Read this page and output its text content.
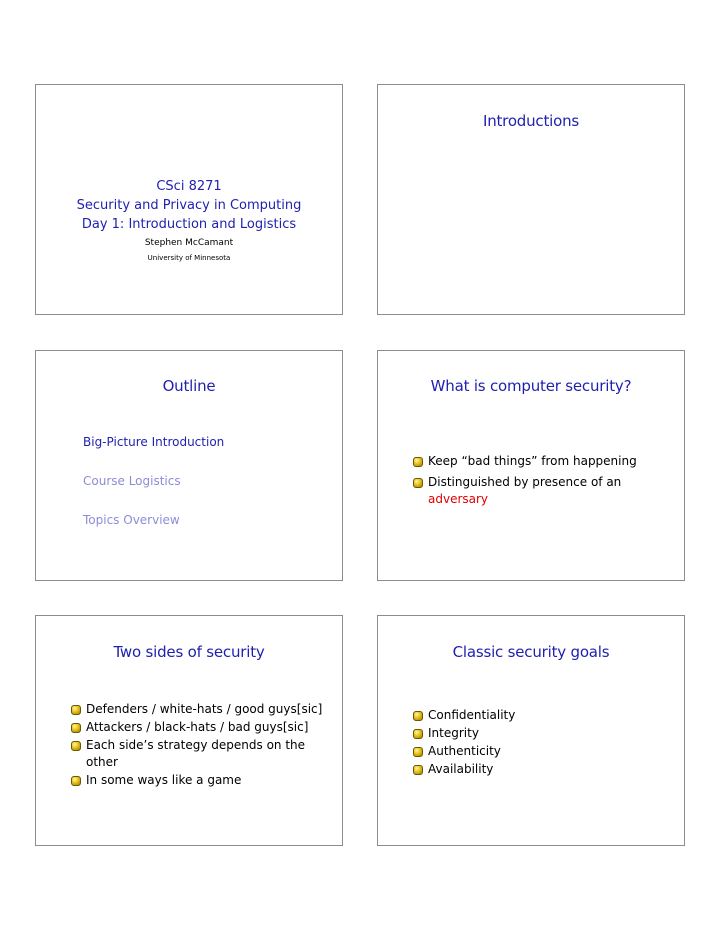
CSci 8271
Security and Privacy in Computing
Day 1: Introduction and Logistics
Stephen McCamant
University of Minnesota
Introductions
Outline
Big-Picture Introduction
Course Logistics
Topics Overview
What is computer security?
Keep “bad things” from happening
Distinguished by presence of an
adversary
Two sides of security
Defenders / white-hats / good guys[sic]
Attackers / black-hats / bad guys[sic]
Each side’s strategy depends on the
other
In some ways like a game
Classic security goals
Confidentiality
Integrity
Authenticity
Availability
